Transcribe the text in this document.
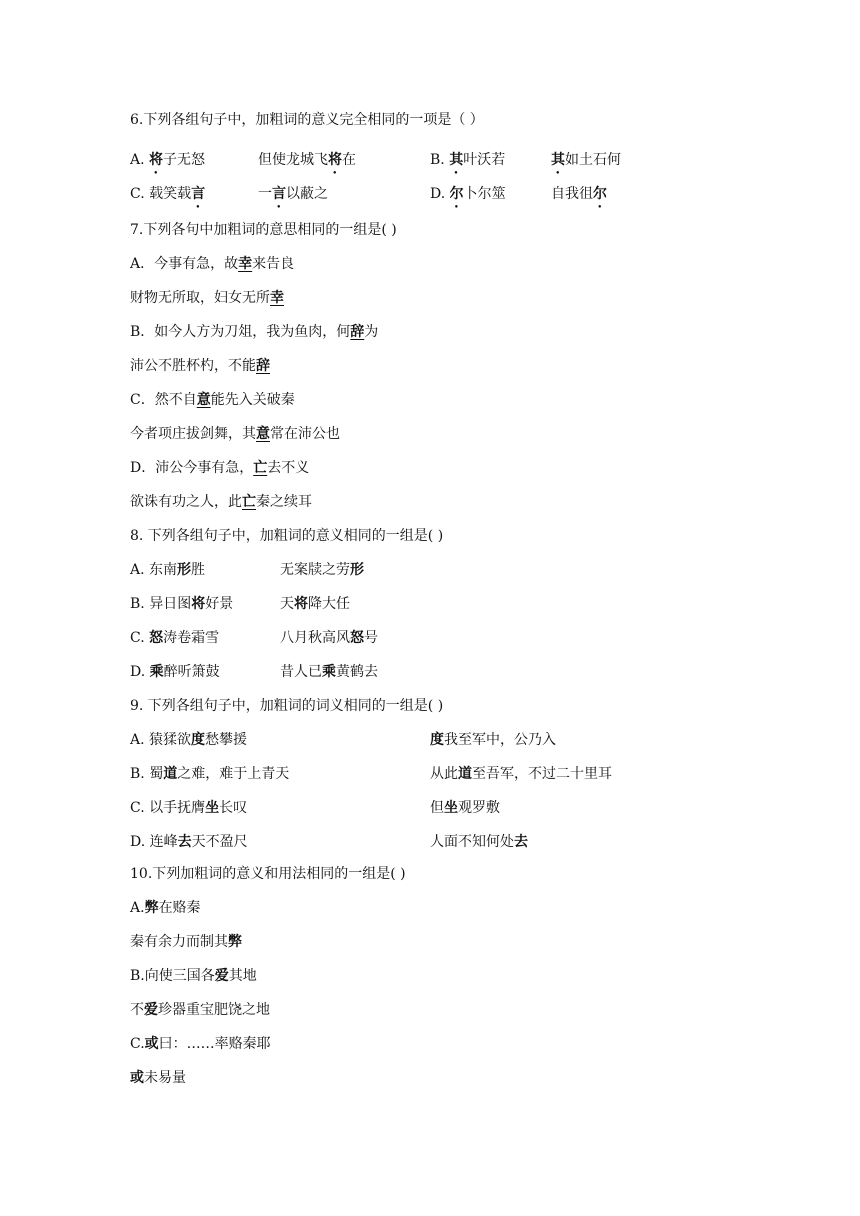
6.下列各组句子中，加粗词的意义完全相同的一项是（ ）
A. 将子无怒	但使龙城飞将在	B. 其叶沃若	其如土石何
C. 载笑载言	一言以蔽之	D. 尔卜尔筮	自我徂尔
7.下列各句中加粗词的意思相同的一组是( )
A．今事有急，故幸来告良
财物无所取，妇女无所幸
B．如今人方为刀俎，我为鱼肉，何辞为
沛公不胜杯杓，不能辞
C．然不自意能先入关破秦
今者项庄拔剑舞，其意常在沛公也
D．沛公今事有急，亡去不义
欲诛有功之人，此亡秦之续耳
8. 下列各组句子中，加粗词的意义相同的一组是( )
A. 东南形胜	无案牍之劳形
B. 异日图将好景	天将降大任
C. 怒涛卷霜雪	八月秋高风怒号
D. 乘醉听箫鼓	昔人已乘黄鹤去
9. 下列各组句子中，加粗词的词义相同的一组是( )
A. 猿猱欲度愁攀援	度我至军中，公乃入
B. 蜀道之难，难于上青天	从此道至吾军，不过二十里耳
C. 以手抚膺坐长叹	但坐观罗敷
D. 连峰去天不盈尺	人面不知何处去
10.下列加粗词的意义和用法相同的一组是( )
A.弊在赂秦
秦有余力而制其弊
B.向使三国各爱其地
不爱珍器重宝肥饶之地
C.或曰：……率赂秦耶
或未易量
